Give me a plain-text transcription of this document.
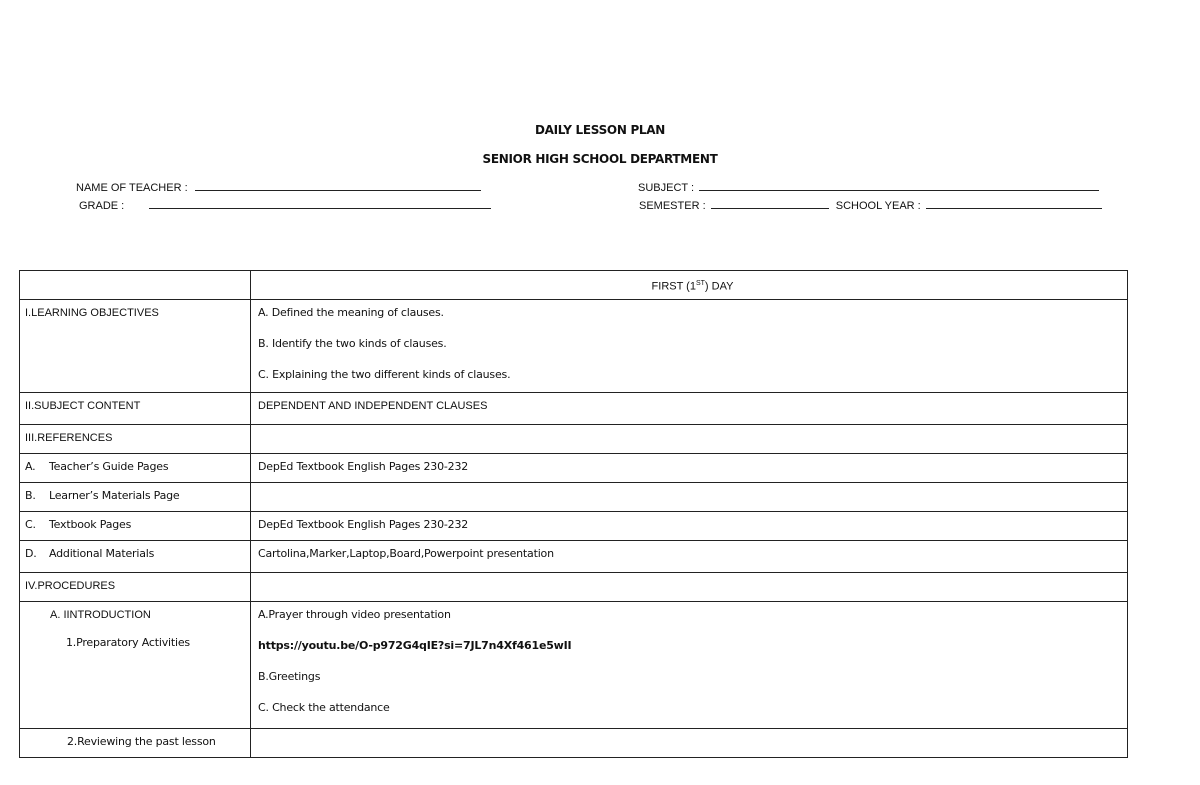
DAILY LESSON PLAN
SENIOR HIGH SCHOOL DEPARTMENT
NAME OF TEACHER :
GRADE :
SUBJECT :
SEMESTER :	SCHOOL YEAR :

	FIRST (1ST) DAY

I.LEARNING OBJECTIVES	A. Defined the meaning of clauses.
B. Identify the two kinds of clauses.
C. Explaining the two different kinds of clauses.

II.SUBJECT CONTENT	DEPENDENT AND INDEPENDENT CLAUSES

III.REFERENCES	

A. Teacher’s Guide Pages	DepEd Textbook English Pages 230-232

B. Learner’s Materials Page	

C. Textbook Pages	DepEd Textbook English Pages 230-232

D. Additional Materials	Cartolina,Marker,Laptop,Board,Powerpoint presentation

IV.PROCEDURES	

A. IINTRODUCTION
1.Preparatory Activities	A.Prayer through video presentation
https://youtu.be/O-p972G4qIE?si=7JL7n4Xf461e5wII
B.Greetings
C. Check the attendance

2.Reviewing the past lesson	
